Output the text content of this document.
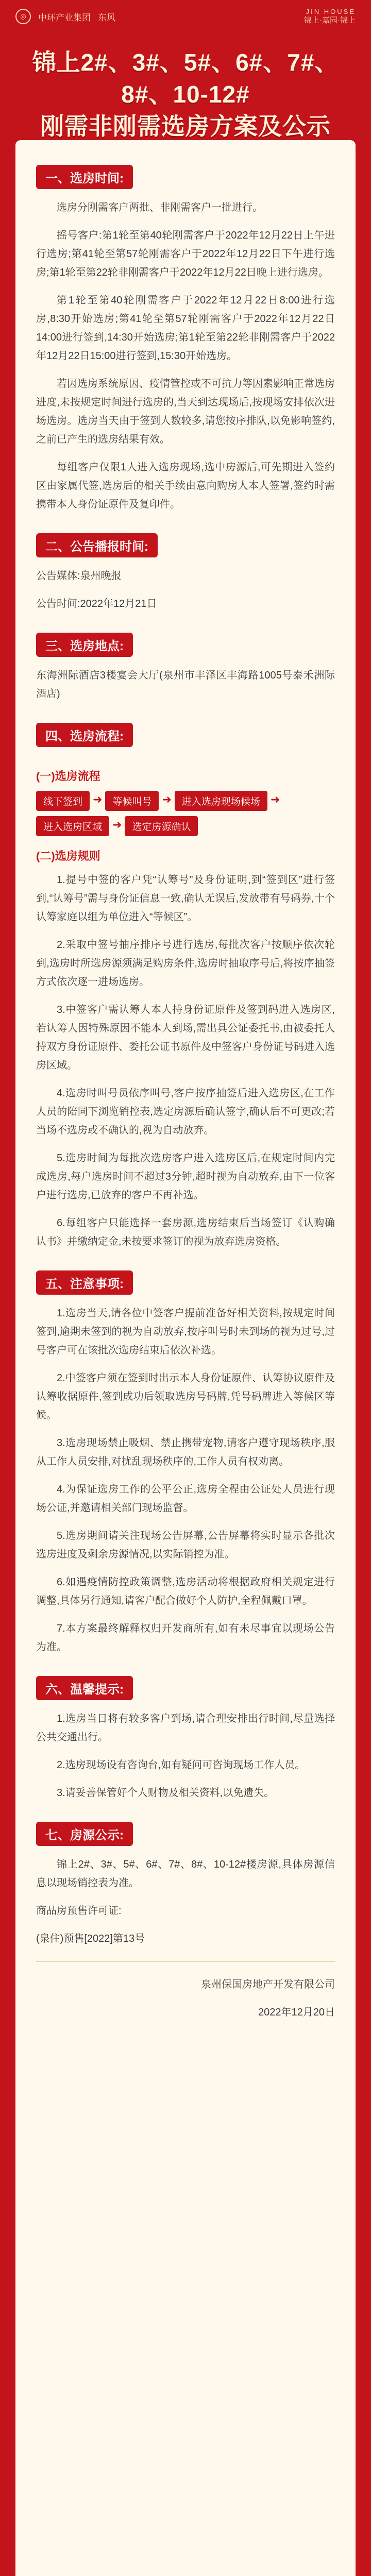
◎	中环产业集团 东风
JIN HOUSE
锦上·嘉园·锦上
锦上2#、3#、5#、6#、7#、8#、10-12#
刚需非刚需选房方案及公示
一、选房时间:

选房分刚需客户两批、非刚需客户一批进行。

摇号客户:第1轮至第40轮刚需客户于2022年12月22日上午进行选房;第41轮至第57轮刚需客户于2022年12月22日下午进行选房;第1轮至第22轮非刚需客户于2022年12月22日晚上进行选房。

第1轮至第40轮刚需客户于2022年12月22日8:00进行选房,8:30开始选房;第41轮至第57轮刚需客户于2022年12月22日14:00进行签到,14:30开始选房;第1轮至第22轮非刚需客户于2022年12月22日15:00进行签到,15:30开始选房。

若因选房系统原因、疫情管控或不可抗力等因素影响正常选房进度,未按规定时间进行选房的,当天到达现场后,按现场安排依次进场选房。选房当天由于签到人数较多,请您按序排队,以免影响签约,之前已产生的选房结果有效。

每组客户仅限1人进入选房现场,选中房源后,可先期进入签约区由家属代签,选房后的相关手续由意向购房人本人签署,签约时需携带本人身份证原件及复印件。

二、公告播报时间:

公告媒体:泉州晚报

公告时间:2022年12月21日

三、选房地点:

东海洲际酒店3楼宴会大厅(泉州市丰泽区丰海路1005号泰禾洲际酒店)

四、选房流程:
(一)选房流程
线下签到 ➜	等候叫号 ➜	进入选房现场候场 ➜
进入选房区域 ➜	选定房源确认
(二)选房规则

1.提号中签的客户凭“认筹号”及身份证明,到“签到区”进行签到,“认筹号”需与身份证信息一致,确认无误后,发放带有号码券,十个认筹家庭以组为单位进入“等候区”。

2.采取中签号抽序排序号进行选房,每批次客户按顺序依次轮到,选房时所选房源须满足购房条件,选房时抽取序号后,将按序抽签方式依次逐一进场选房。

3.中签客户需认筹人本人持身份证原件及签到码进入选房区,若认筹人因特殊原因不能本人到场,需出具公证委托书,由被委托人持双方身份证原件、委托公证书原件及中签客户身份证号码进入选房区域。

4.选房时叫号员依序叫号,客户按序抽签后进入选房区,在工作人员的陪同下浏览销控表,选定房源后确认签字,确认后不可更改;若当场不选房或不确认的,视为自动放弃。

5.选房时间为每批次选房客户进入选房区后,在规定时间内完成选房,每户选房时间不超过3分钟,超时视为自动放弃,由下一位客户进行选房,已放弃的客户不再补选。

6.每组客户只能选择一套房源,选房结束后当场签订《认购确认书》并缴纳定金,未按要求签订的视为放弃选房资格。

五、注意事项:

1.选房当天,请各位中签客户提前准备好相关资料,按规定时间签到,逾期未签到的视为自动放弃,按序叫号时未到场的视为过号,过号客户可在该批次选房结束后依次补选。

2.中签客户须在签到时出示本人身份证原件、认筹协议原件及认筹收据原件,签到成功后领取选房号码牌,凭号码牌进入等候区等候。

3.选房现场禁止吸烟、禁止携带宠物,请客户遵守现场秩序,服从工作人员安排,对扰乱现场秩序的,工作人员有权劝离。

4.为保证选房工作的公平公正,选房全程由公证处人员进行现场公证,并邀请相关部门现场监督。

5.选房期间请关注现场公告屏幕,公告屏幕将实时显示各批次选房进度及剩余房源情况,以实际销控为准。

6.如遇疫情防控政策调整,选房活动将根据政府相关规定进行调整,具体另行通知,请客户配合做好个人防护,全程佩戴口罩。

7.本方案最终解释权归开发商所有,如有未尽事宜以现场公告为准。

六、温馨提示:

1.选房当日将有较多客户到场,请合理安排出行时间,尽量选择公共交通出行。

2.选房现场设有咨询台,如有疑问可咨询现场工作人员。

3.请妥善保管好个人财物及相关资料,以免遗失。

七、房源公示:

锦上2#、3#、5#、6#、7#、8#、10-12#楼房源,具体房源信息以现场销控表为准。

商品房预售许可证:

(泉住)预售[2022]第13号

泉州保国房地产开发有限公司

2022年12月20日
